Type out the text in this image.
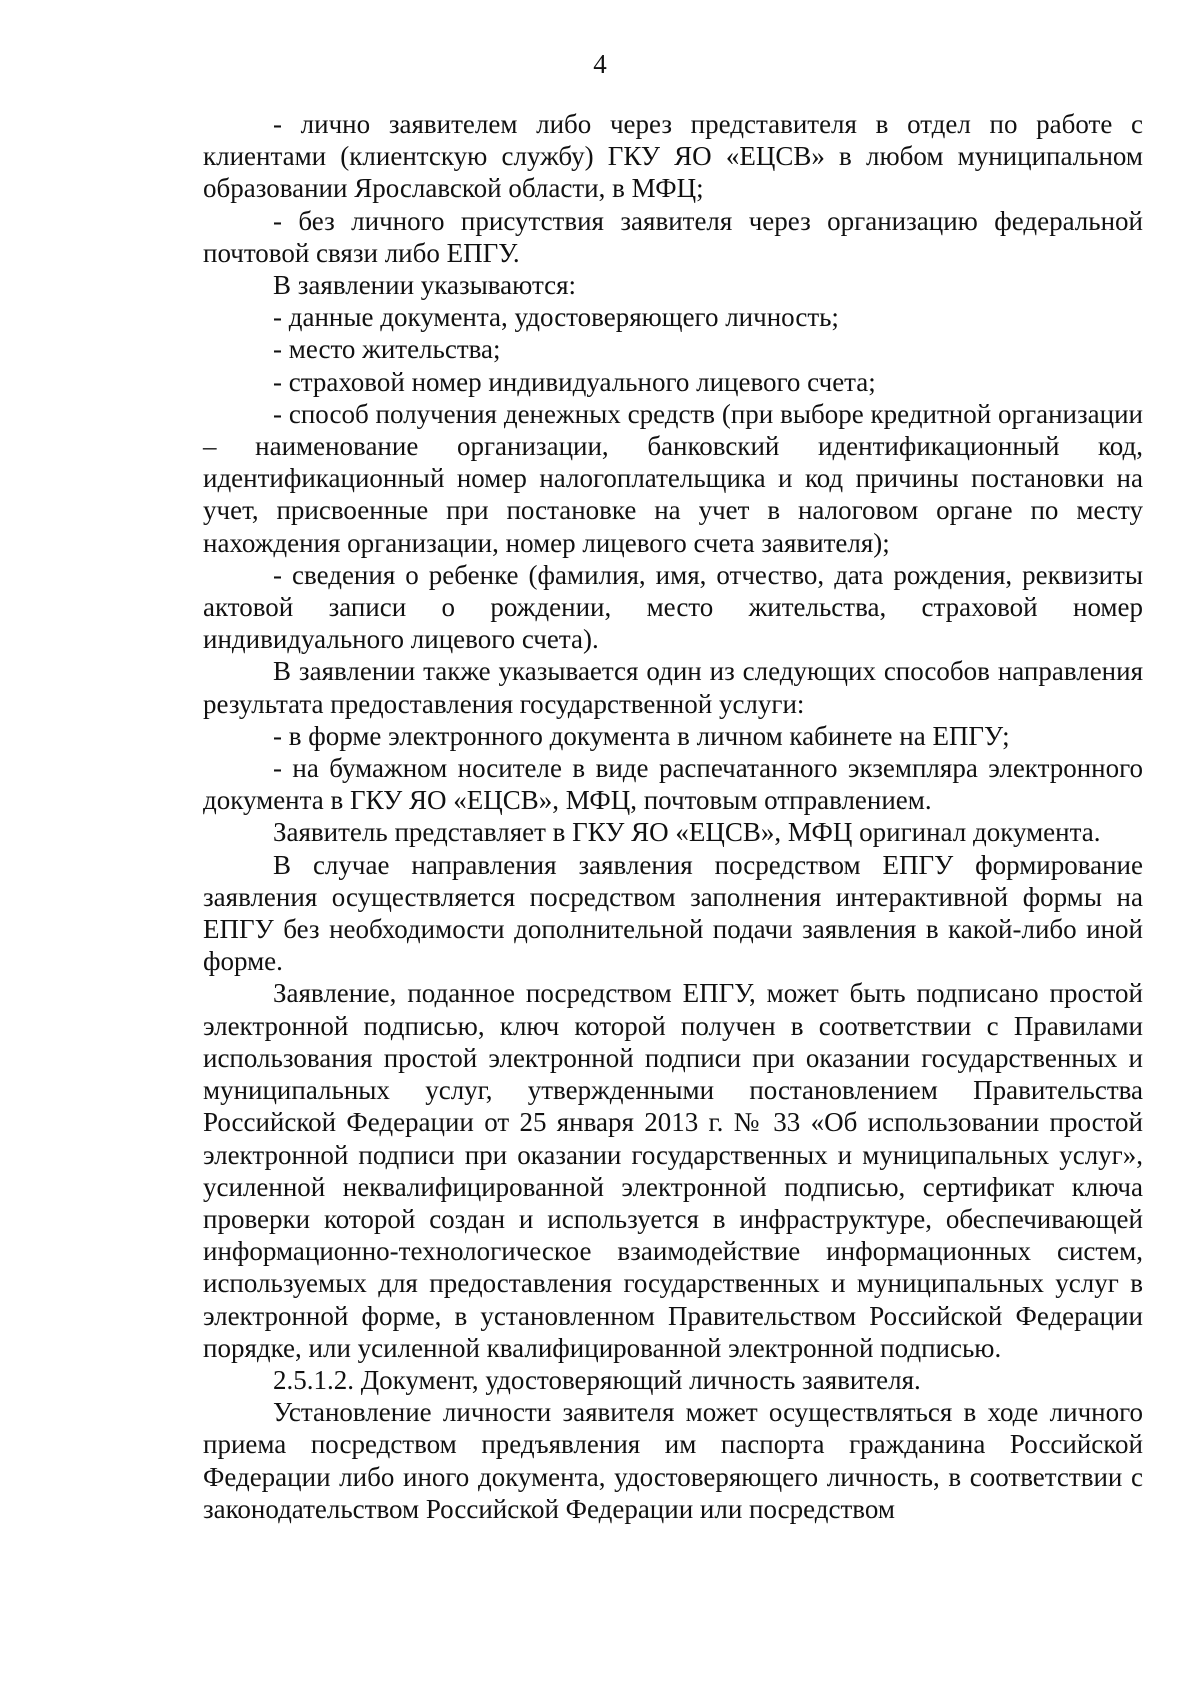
4

- лично заявителем либо через представителя в отдел по работе с клиентами (клиентскую службу) ГКУ ЯО «ЕЦСВ» в любом муниципальном образовании Ярославской области, в МФЦ;

- без личного присутствия заявителя через организацию федеральной почтовой связи либо ЕПГУ.

В заявлении указываются:

- данные документа, удостоверяющего личность;

- место жительства;

- страховой номер индивидуального лицевого счета;

- способ получения денежных средств (при выборе кредитной организации – наименование организации, банковский идентификационный код, идентификационный номер налогоплательщика и код причины постановки на учет, присвоенные при постановке на учет в налоговом органе по месту нахождения организации, номер лицевого счета заявителя);

- сведения о ребенке (фамилия, имя, отчество, дата рождения, реквизиты актовой записи о рождении, место жительства, страховой номер индивидуального лицевого счета).

В заявлении также указывается один из следующих способов направления результата предоставления государственной услуги:

- в форме электронного документа в личном кабинете на ЕПГУ;

- на бумажном носителе в виде распечатанного экземпляра электронного документа в ГКУ ЯО «ЕЦСВ», МФЦ, почтовым отправлением.

Заявитель представляет в ГКУ ЯО «ЕЦСВ», МФЦ оригинал документа.

В случае направления заявления посредством ЕПГУ формирование заявления осуществляется посредством заполнения интерактивной формы на ЕПГУ без необходимости дополнительной подачи заявления в какой-либо иной форме.

Заявление, поданное посредством ЕПГУ, может быть подписано простой электронной подписью, ключ которой получен в соответствии с Правилами использования простой электронной подписи при оказании государственных и муниципальных услуг, утвержденными постановлением Правительства Российской Федерации от 25 января 2013 г. № 33 «Об использовании простой электронной подписи при оказании государственных и муниципальных услуг», усиленной неквалифицированной электронной подписью, сертификат ключа проверки которой создан и используется в инфраструктуре, обеспечивающей информационно-технологическое взаимодействие информационных систем, используемых для предоставления государственных и муниципальных услуг в электронной форме, в установленном Правительством Российской Федерации порядке, или усиленной квалифицированной электронной подписью.

2.5.1.2. Документ, удостоверяющий личность заявителя.

Установление личности заявителя может осуществляться в ходе личного приема посредством предъявления им паспорта гражданина Российской Федерации либо иного документа, удостоверяющего личность, в соответствии с законодательством Российской Федерации или посредством
